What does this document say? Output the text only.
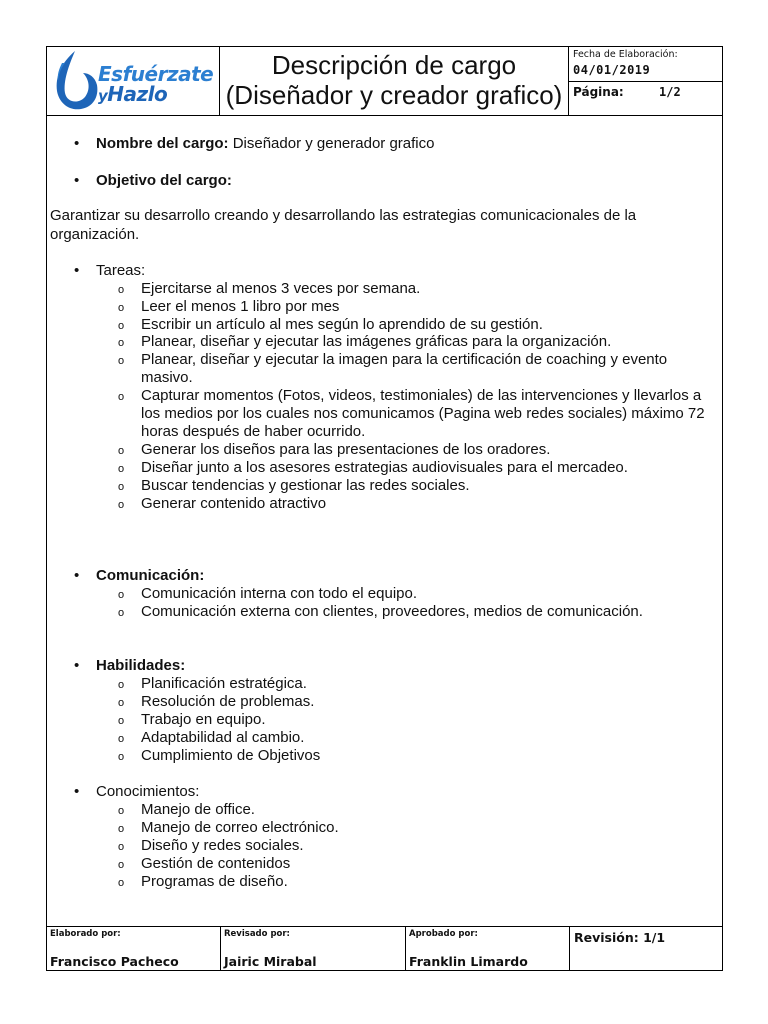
Esfuérzate
yHazlo
Descripción de cargo
(Diseñador y creador grafico)
Fecha de Elaboración:
04/01/2019
Página:	1/2
• Nombre del cargo: Diseñador y generador grafico
• Objetivo del cargo:
Garantizar su desarrollo creando y desarrollando las estrategias comunicacionales de la
organización.
• Tareas:
o Ejercitarse al menos 3 veces por semana.
o Leer el menos 1 libro por mes
o Escribir un artículo al mes según lo aprendido de su gestión.
o Planear, diseñar y ejecutar las imágenes gráficas para la organización.
o Planear, diseñar y ejecutar la imagen para la certificación de coaching y evento
masivo.
o Capturar momentos (Fotos, videos, testimoniales) de las intervenciones y llevarlos a
los medios por los cuales nos comunicamos (Pagina web redes sociales) máximo 72
horas después de haber ocurrido.
o Generar los diseños para las presentaciones de los oradores.
o Diseñar junto a los asesores estrategias audiovisuales para el mercadeo.
o Buscar tendencias y gestionar las redes sociales.
o Generar contenido atractivo
• Comunicación:
o Comunicación interna con todo el equipo.
o Comunicación externa con clientes, proveedores, medios de comunicación.
• Habilidades:
o Planificación estratégica.
o Resolución de problemas.
o Trabajo en equipo.
o Adaptabilidad al cambio.
o Cumplimiento de Objetivos
• Conocimientos:
o Manejo de office.
o Manejo de correo electrónico.
o Diseño y redes sociales.
o Gestión de contenidos
o Programas de diseño.
Elaborado por:
Francisco Pacheco
Revisado por:
Jairic Mirabal
Aprobado por:
Franklin Limardo
Revisión: 1/1
